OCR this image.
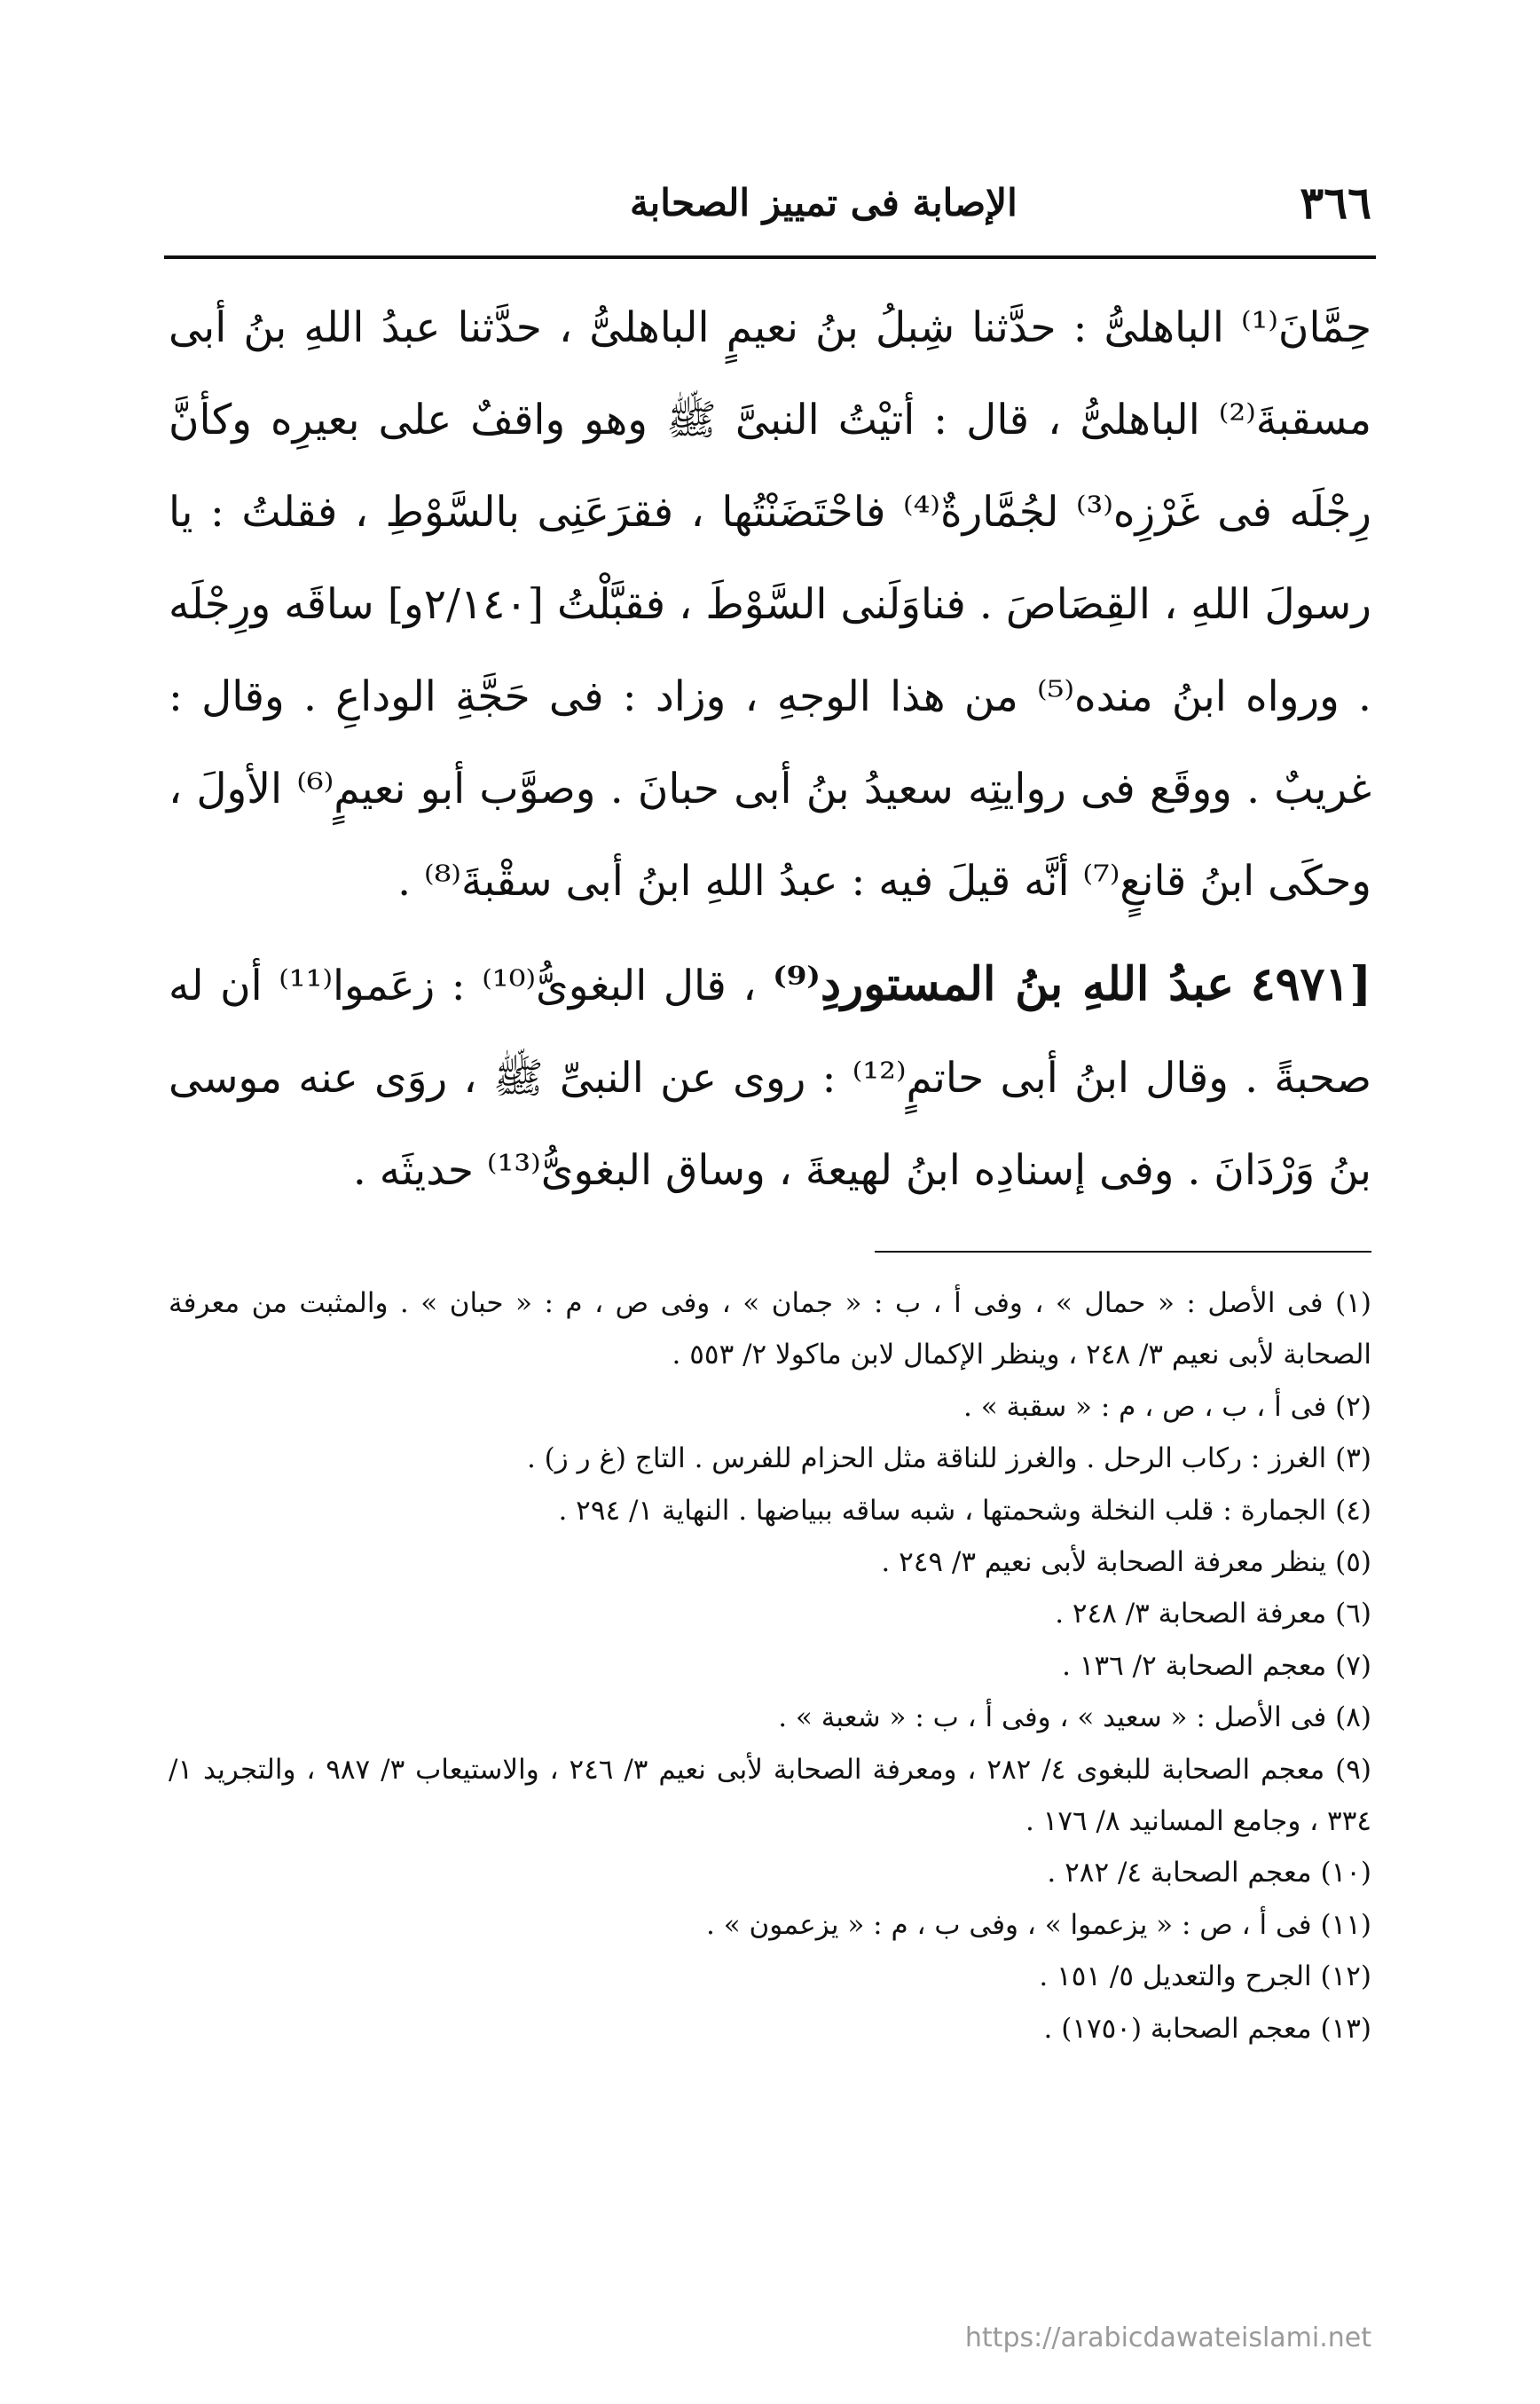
٣٦٦
الإصابة فى تمييز الصحابة

حِمَّانَ⁽¹⁾ الباهلىُّ : حدَّثنا شِبلُ بنُ نعيمٍ الباهلىُّ ، حدَّثنا عبدُ اللهِ بنُ أبى مسقبةَ⁽²⁾ الباهلىُّ ، قال : أتيْتُ النبىَّ ﷺ وهو واقفٌ على بعيرِه وكأنَّ رِجْلَه فى غَرْزِه⁽³⁾ لجُمَّارةٌ⁽⁴⁾ فاحْتَضَنْتُها ، فقرَعَنِى بالسَّوْطِ ، فقلتُ : يا رسولَ اللهِ ، القِصَاصَ . فناوَلَنى السَّوْطَ ، فقبَّلْتُ [٢/١٤٠و] ساقَه ورِجْلَه . ورواه ابنُ منده⁽⁵⁾ من هذا الوجهِ ، وزاد : فى حَجَّةِ الوداعِ . وقال : غريبٌ . ووقَع فى روايتِه سعيدُ بنُ أبى حبانَ . وصوَّب أبو نعيمٍ⁽⁶⁾ الأولَ ، وحكَى ابنُ قانعٍ⁽⁷⁾ أنَّه قيلَ فيه : عبدُ اللهِ ابنُ أبى سقْبةَ⁽⁸⁾ .

[٤٩٧١ عبدُ اللهِ بنُ المستوردِ⁽⁹⁾ ، قال البغوىُّ⁽¹⁰⁾ : زعَموا⁽¹¹⁾ أن له صحبةً . وقال ابنُ أبى حاتمٍ⁽¹²⁾ : روى عن النبىِّ ﷺ ، روَى عنه موسى بنُ وَرْدَانَ . وفى إسنادِه ابنُ لهيعةَ ، وساق البغوىُّ⁽¹³⁾ حديثَه .

(١) فى الأصل : « حمال » ، وفى أ ، ب : « جمان » ، وفى ص ، م : « حبان » . والمثبت من معرفة الصحابة لأبى نعيم ٣/ ٢٤٨ ، وينظر الإكمال لابن ماكولا ٢/ ٥٥٣ .
(٢) فى أ ، ب ، ص ، م : « سقبة » .
(٣) الغرز : ركاب الرحل . والغرز للناقة مثل الحزام للفرس . التاج (غ ر ز) .
(٤) الجمارة : قلب النخلة وشحمتها ، شبه ساقه ببياضها . النهاية ١/ ٢٩٤ .
(٥) ينظر معرفة الصحابة لأبى نعيم ٣/ ٢٤٩ .
(٦) معرفة الصحابة ٣/ ٢٤٨ .
(٧) معجم الصحابة ٢/ ١٣٦ .
(٨) فى الأصل : « سعيد » ، وفى أ ، ب : « شعبة » .
(٩) معجم الصحابة للبغوى ٤/ ٢٨٢ ، ومعرفة الصحابة لأبى نعيم ٣/ ٢٤٦ ، والاستيعاب ٣/ ٩٨٧ ، والتجريد ١/ ٣٣٤ ، وجامع المسانيد ٨/ ١٧٦ .
(١٠) معجم الصحابة ٤/ ٢٨٢ .
(١١) فى أ ، ص : « يزعموا » ، وفى ب ، م : « يزعمون » .
(١٢) الجرح والتعديل ٥/ ١٥١ .
(١٣) معجم الصحابة (١٧٥٠) .
https://arabicdawateislami.net
